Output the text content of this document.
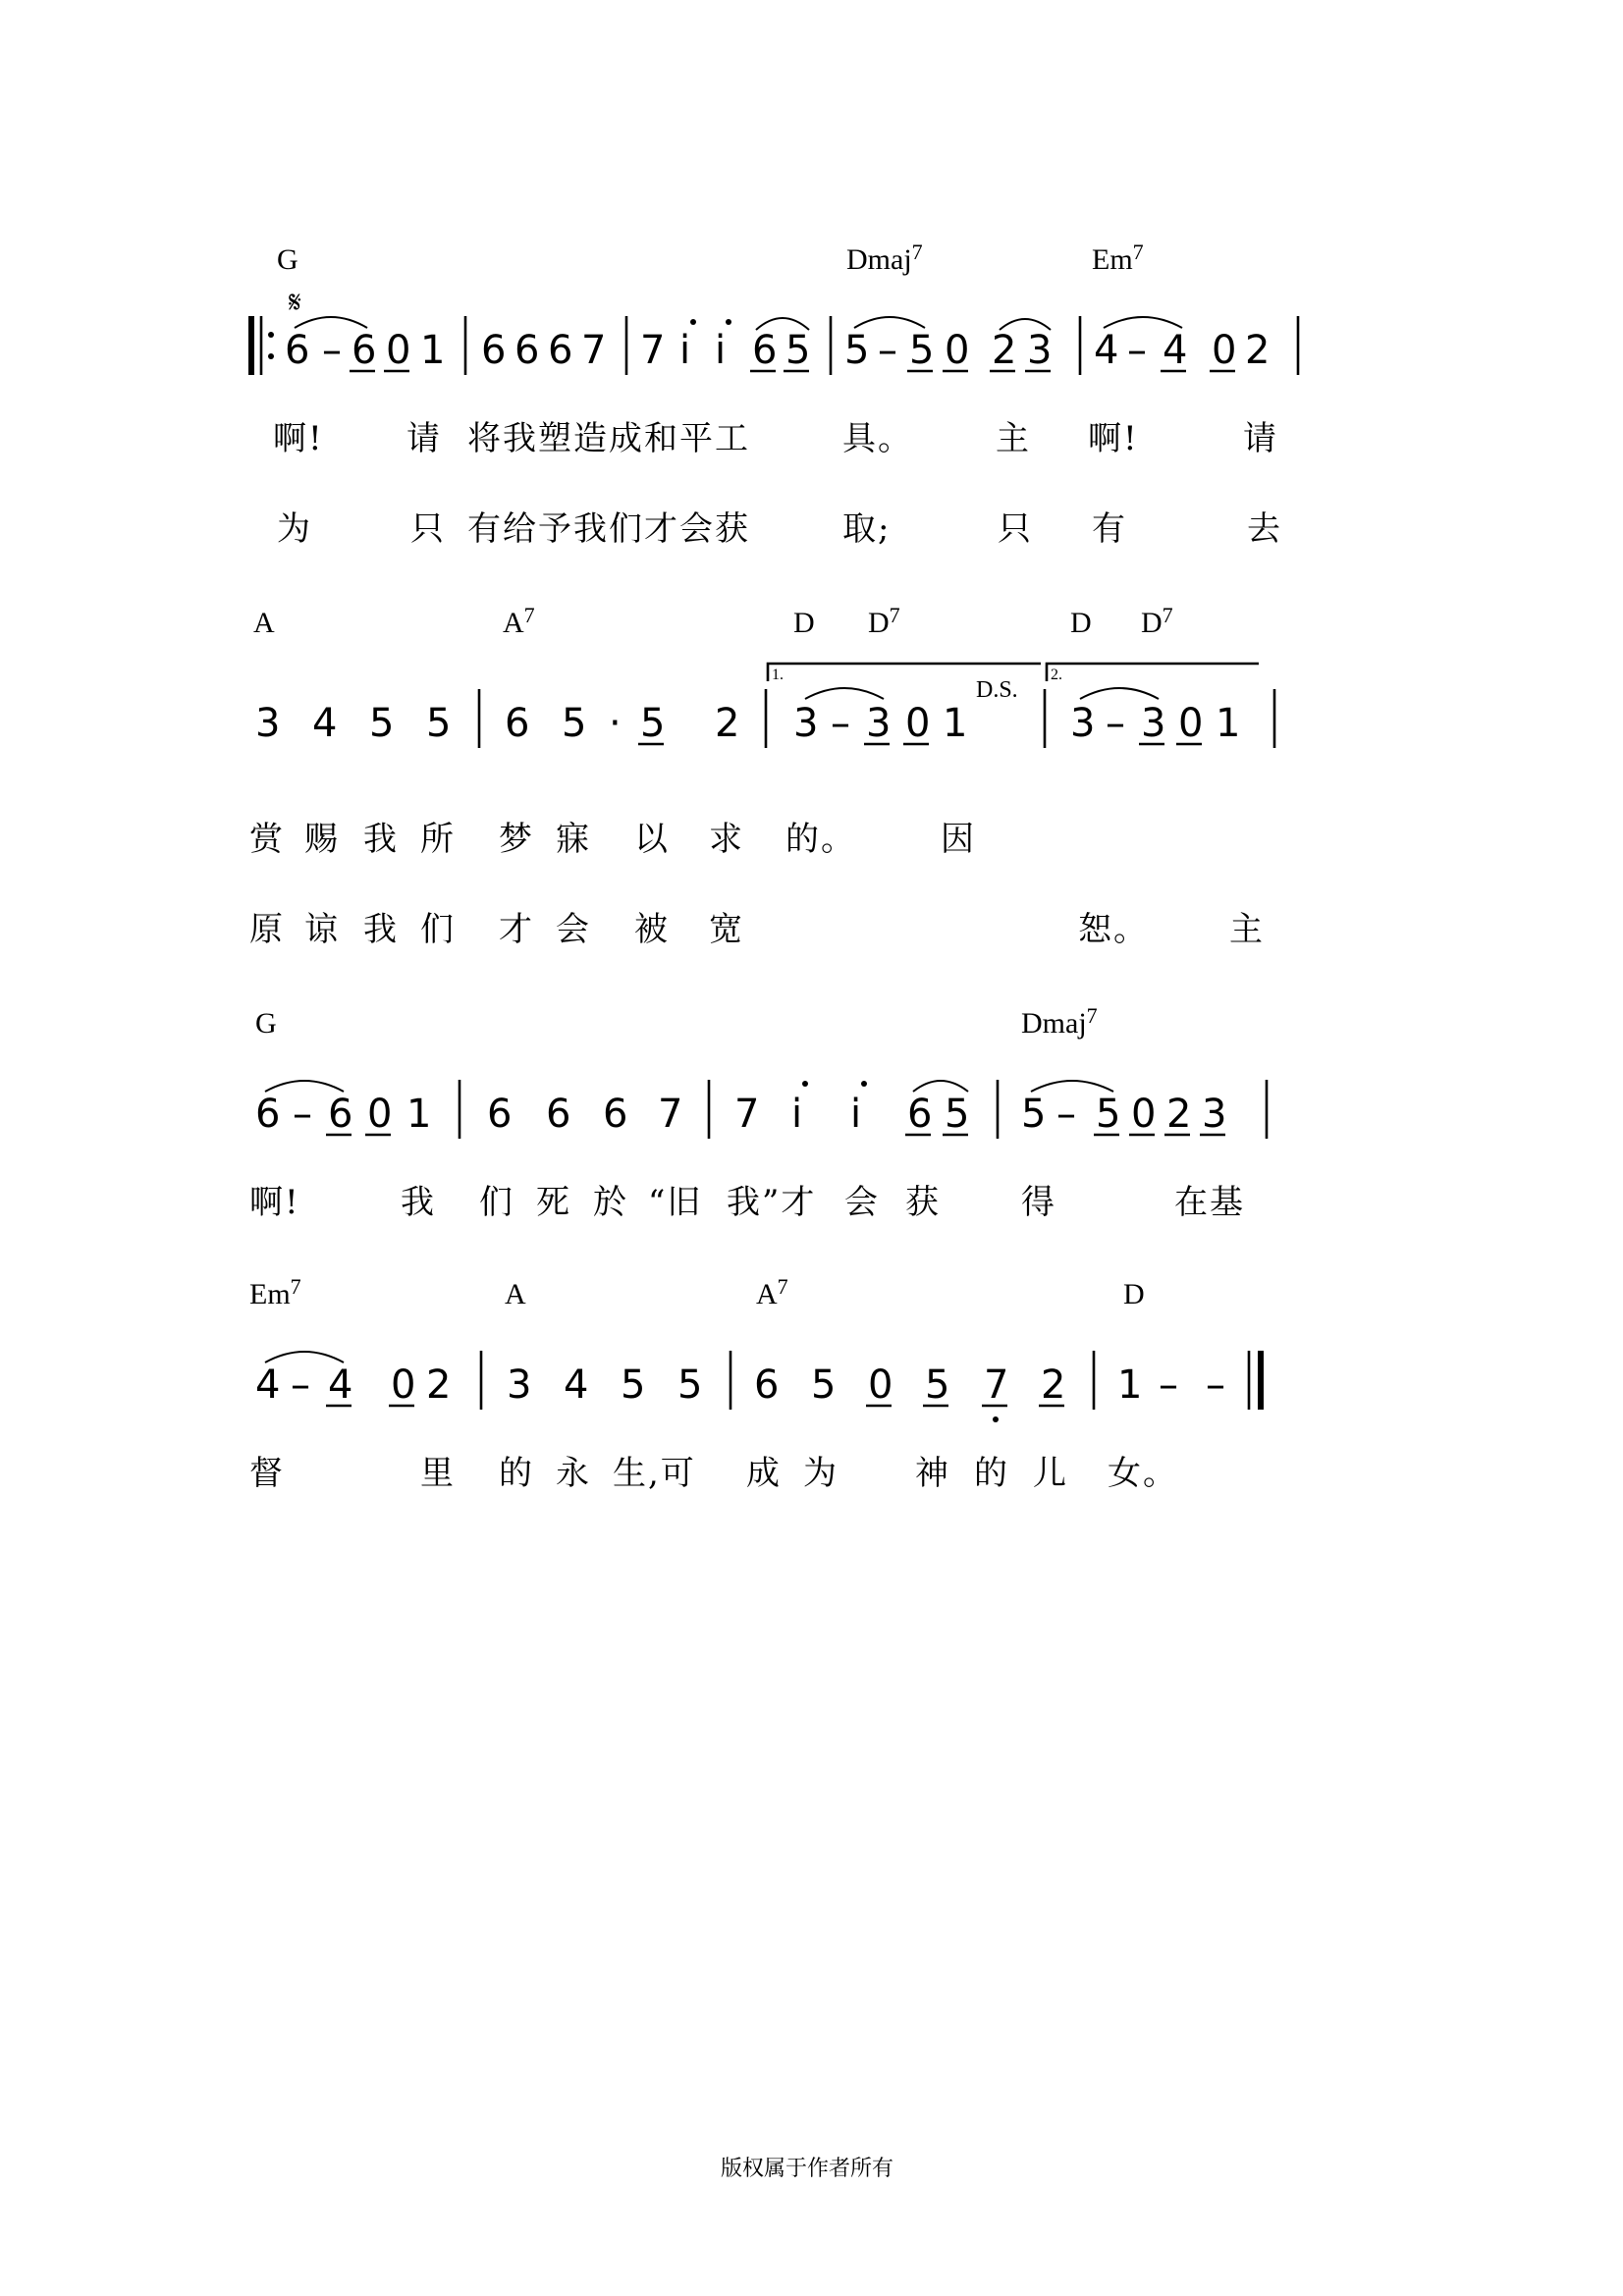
G	Dmaj$^7$	Em$^7$
𝄋
6 – 6 0 1 6 6 6 7 7 i i 6 5 5 – 5 0 2 3 4 – 4 0 2
啊! 请 将我塑造成和平工	具。 主 啊!	请
为	只 有给予我们才会获	取;	只 有	去
A	$A^7$	D $D^7$	D $D^7$
1.	2.
D.S.
3 4 5 5 6 5 · 5 2 3 – 3 0 1	3 – 3 0 1
赏 赐 我 所 梦 寐 以 求 的。	因
原 谅 我 们 才 会 被 宽	恕。 主
G	Dmaj$^7$
6 – 6 0 1 6 6 6 7 7 i i 6 5 5 – 5 0 2 3
啊!	我 们 死 於 “旧 我”才 会 获 得	在基
Em$^7$	A	$A^7$	D
4 – 4 0 2 3 4 5 5 6 5 0 5 7 2 1 – –
督	里 的 永 生,可 成 为 神 的 儿 女。
版权属于作者所有
